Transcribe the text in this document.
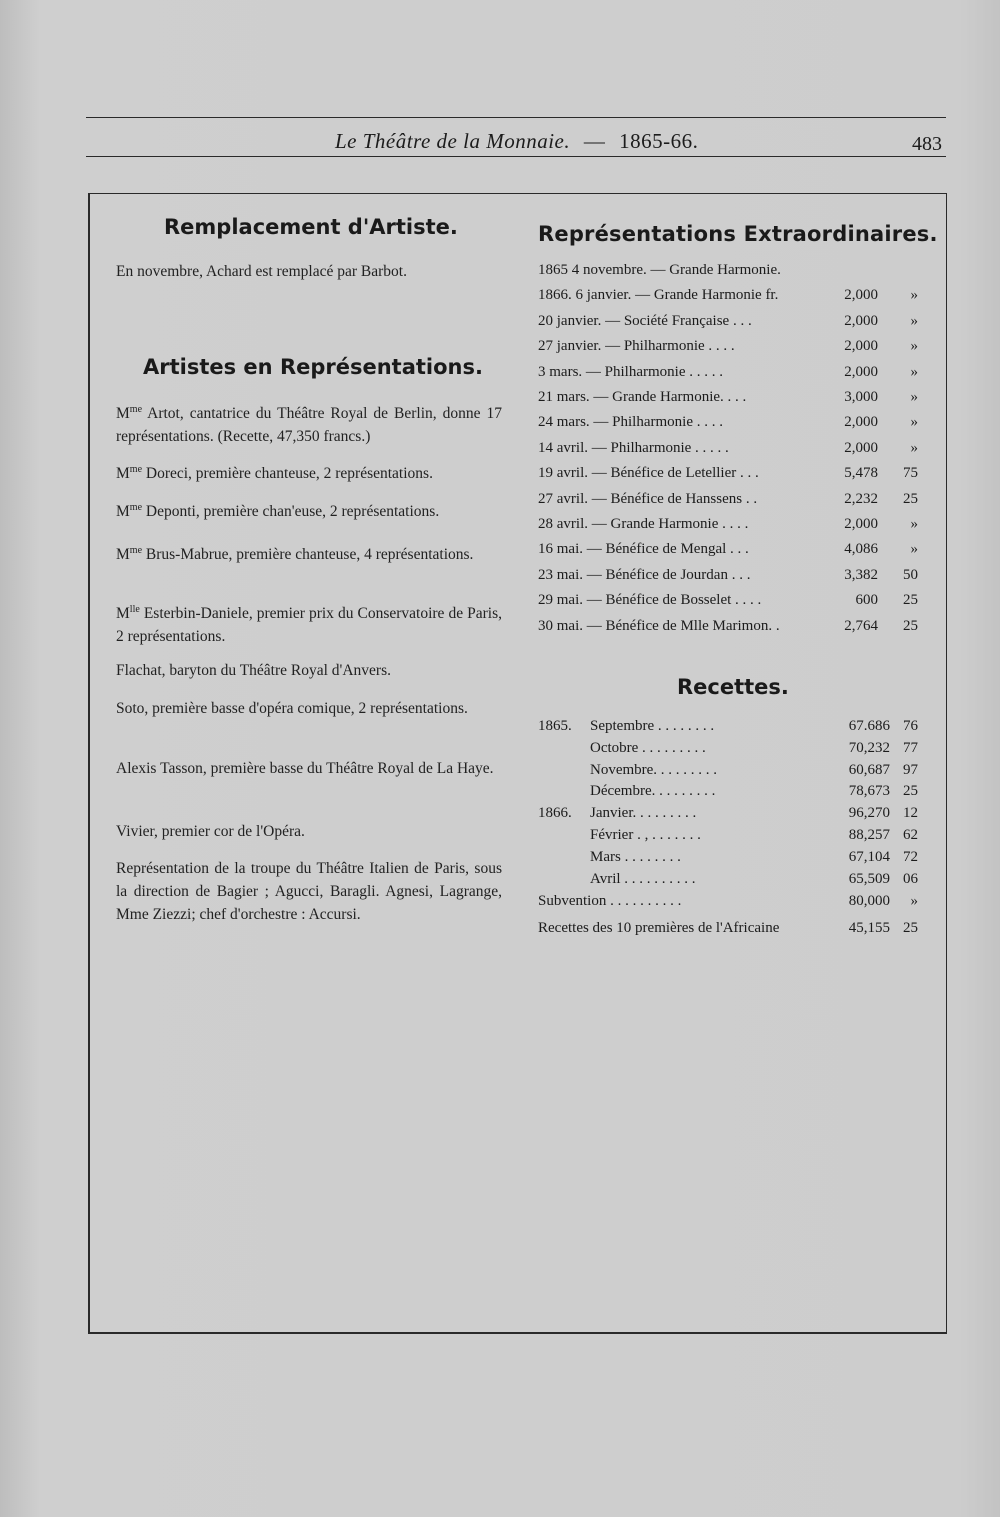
Le Théâtre de la Monnaie. — 1865-66.	483
Remplacement d'Artiste.
En novembre, Achard est remplacé par Barbot.
Artistes en Représentations.
$M^{me}$ Artot, cantatrice du Théâtre Royal de Berlin, donne 17 représentations. (Recette, 47,350 francs.)
$M^{me}$ Doreci, première chanteuse, 2 représentations.
$M^{me}$ Deponti, première chan'euse, 2 représentations.
$M^{me}$ Brus-Mabrue, première chanteuse, 4 représentations.
$M^{lle}$ Esterbin-Daniele, premier prix du Conservatoire de Paris, 2 représentations.
Flachat, baryton du Théâtre Royal d'Anvers.
Soto, première basse d'opéra comique, 2 représentations.
Alexis Tasson, première basse du Théâtre Royal de La Haye.
Vivier, premier cor de l'Opéra.
Représentation de la troupe du Théâtre Italien de Paris, sous la direction de Bagier ; Agucci, Baragli. Agnesi, Lagrange, Mme Ziezzi; chef d'orchestre : Accursi.
Représentations Extraordinaires.
1865 4 novembre. — Grande Harmonie.
1866. 6 janvier. — Grande Harmonie fr.	2,000	»
20 janvier. — Société Française . . .	2,000	»
27 janvier. — Philharmonie . . . .	2,000	»
3 mars. — Philharmonie . . . . .	2,000	»
21 mars. — Grande Harmonie. . . .	3,000	»
24 mars. — Philharmonie . . . .	2,000	»
14 avril. — Philharmonie . . . . .	2,000	»
19 avril. — Bénéfice de Letellier . . .	5,478	75
27 avril. — Bénéfice de Hanssens . .	2,232	25
28 avril. — Grande Harmonie . . . .	2,000	»
16 mai. — Bénéfice de Mengal . . .	4,086	»
23 mai. — Bénéfice de Jourdan . . .	3,382	50
29 mai. — Bénéfice de Bosselet . . . .	600	25
30 mai. — Bénéfice de Mlle Marimon. .	2,764	25
Recettes.
1865. Septembre . . . . . . . .	67.686 76
Octobre . . . . . . . . .	70,232 77
Novembre. . . . . . . . .	60,687 97
Décembre. . . . . . . . .	78,673 25
1866. Janvier. . . . . . . . .	96,270 12
Février . , . . . . . . .	88,257 62
Mars . . . . . . . .	67,104 72
Avril . . . . . . . . . .	65,509 06
Subvention . . . . . . . . . .	80,000	»
Recettes des 10 premières de l'Africaine	45,155 25
